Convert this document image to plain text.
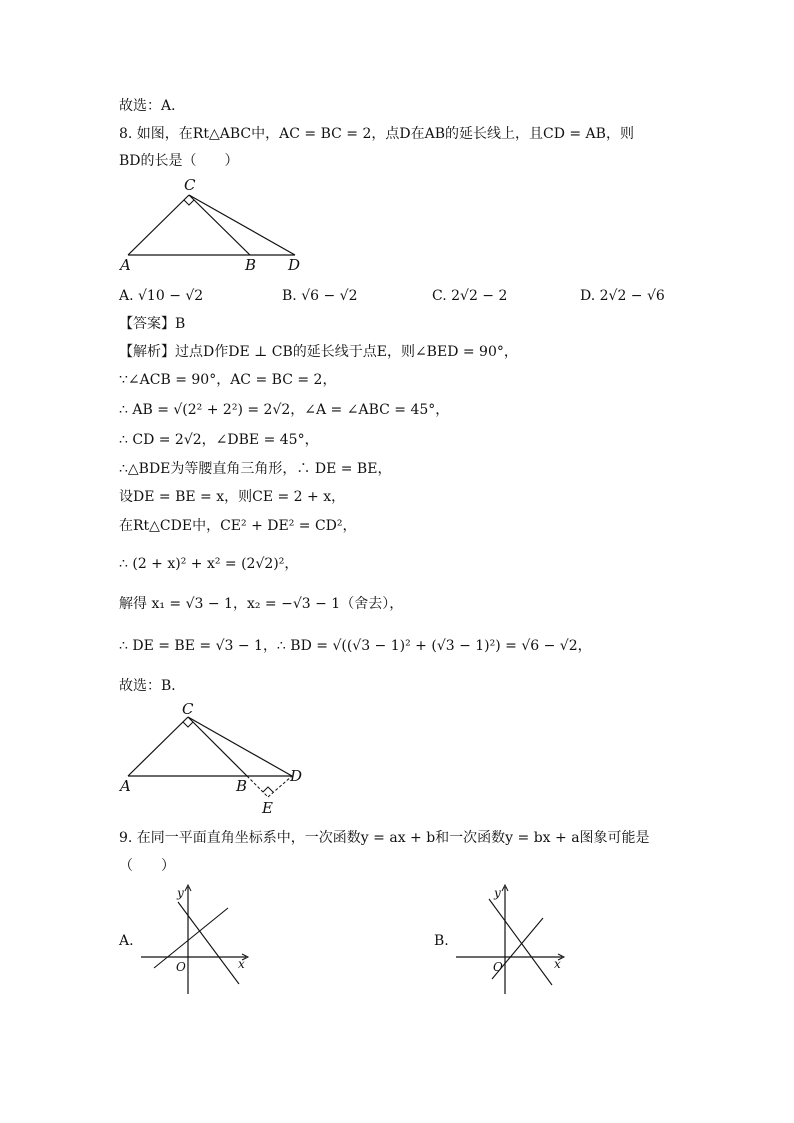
故选：A．
8. 如图，在Rt△ABC中，AC = BC = 2，点D在AB的延长线上，且CD = AB，则
BD的长是（　　）
C
A	B D
A. √10 − √2	B. √6 − √2	C. 2√2 − 2	D. 2√2 − √6
【答案】B
【解析】过点D作DE ⊥ CB的延长线于点E，则∠BED = 90°，
∵∠ACB = 90°，AC = BC = 2，
∴ AB = √(2² + 2²) = 2√2，∠A = ∠ABC = 45°，
∴ CD = 2√2，∠DBE = 45°，
∴△BDE为等腰直角三角形，∴ DE = BE，
设DE = BE = x，则CE = 2 + x，
在Rt△CDE中，CE² + DE² = CD²，
∴ (2 + x)² + x² = (2√2)²，
解得 x₁ = √3 − 1，x₂ = −√3 − 1（舍去），
∴ DE = BE = √3 − 1，∴ BD = √((√3 − 1)² + (√3 − 1)²) = √6 − √2，
故选：B．
C
A	B
D
E
9. 在同一平面直角坐标系中，一次函数y = ax + b和一次函数y = bx + a图象可能是
（　　）
A.
y
x
O
B.
y
x
O
